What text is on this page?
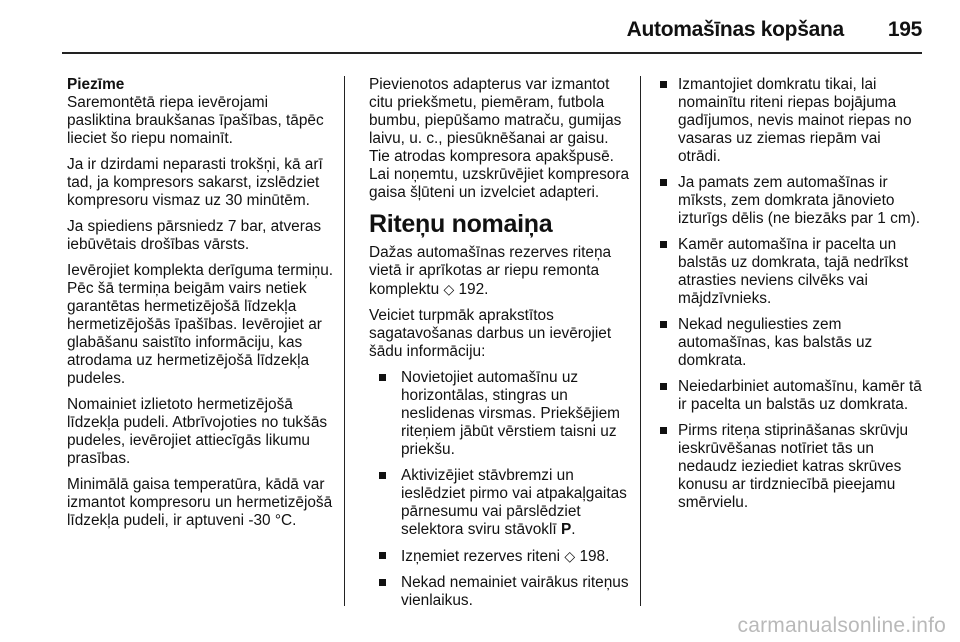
Automašīnas kopšana 195

Piezīme

Saremontētā riepa ievērojami pasliktina braukšanas īpašības, tāpēc lieciet šo riepu nomainīt.

Ja ir dzirdami neparasti trokšņi, kā arī tad, ja kompresors sakarst, izslēdziet kompresoru vismaz uz 30 minūtēm.

Ja spiediens pārsniedz 7 bar, atveras iebūvētais drošības vārsts.

Ievērojiet komplekta derīguma termiņu. Pēc šā termiņa beigām vairs netiek garantētas hermetizējošā līdzekļa hermetizējošās īpašības. Ievērojiet ar glabāšanu saistīto informāciju, kas atrodama uz hermetizējošā līdzekļa pudeles.

Nomainiet izlietoto hermetizējošā līdzekļa pudeli. Atbrīvojoties no tukšās pudeles, ievērojiet attiecīgās likumu prasības.

Minimālā gaisa temperatūra, kādā var izmantot kompresoru un hermetizējošā līdzekļa pudeli, ir aptuveni -30 °C.

Pievienotos adapterus var izmantot citu priekšmetu, piemēram, futbola bumbu, piepūšamo matraču, gumijas laivu, u. c., piesūknēšanai ar gaisu. Tie atrodas kompresora apakšpusē. Lai noņemtu, uzskrūvējiet kompresora gaisa šļūteni un izvelciet adapteri.

Riteņu nomaiņa

Dažas automašīnas rezerves riteņa vietā ir aprīkotas ar riepu remonta komplektu ◇ 192.

Veiciet turpmāk aprakstītos sagatavošanas darbus un ievērojiet šādu informāciju:

Novietojiet automašīnu uz horizontālas, stingras un neslidenas virsmas. Priekšējiem riteņiem jābūt vērstiem taisni uz priekšu.
Aktivizējiet stāvbremzi un ieslēdziet pirmo vai atpakaļgaitas pārnesumu vai pārslēdziet selektora sviru stāvoklī P.
Izņemiet rezerves riteni ◇ 198.
Nekad nemainiet vairākus riteņus vienlaikus.
Izmantojiet domkratu tikai, lai nomainītu riteni riepas bojājuma gadījumos, nevis mainot riepas no vasaras uz ziemas riepām vai otrādi.
Ja pamats zem automašīnas ir mīksts, zem domkrata jānovieto izturīgs dēlis (ne biezāks par 1 cm).
Kamēr automašīna ir pacelta un balstās uz domkrata, tajā nedrīkst atrasties neviens cilvēks vai mājdzīvnieks.
Nekad neguliesties zem automašīnas, kas balstās uz domkrata.
Neiedarbiniet automašīnu, kamēr tā ir pacelta un balstās uz domkrata.
Pirms riteņa stiprināšanas skrūvju ieskrūvēšanas notīriet tās un nedaudz ieziediet katras skrūves konusu ar tirdzniecībā pieejamu smērvielu.
carmanualsonline.info
